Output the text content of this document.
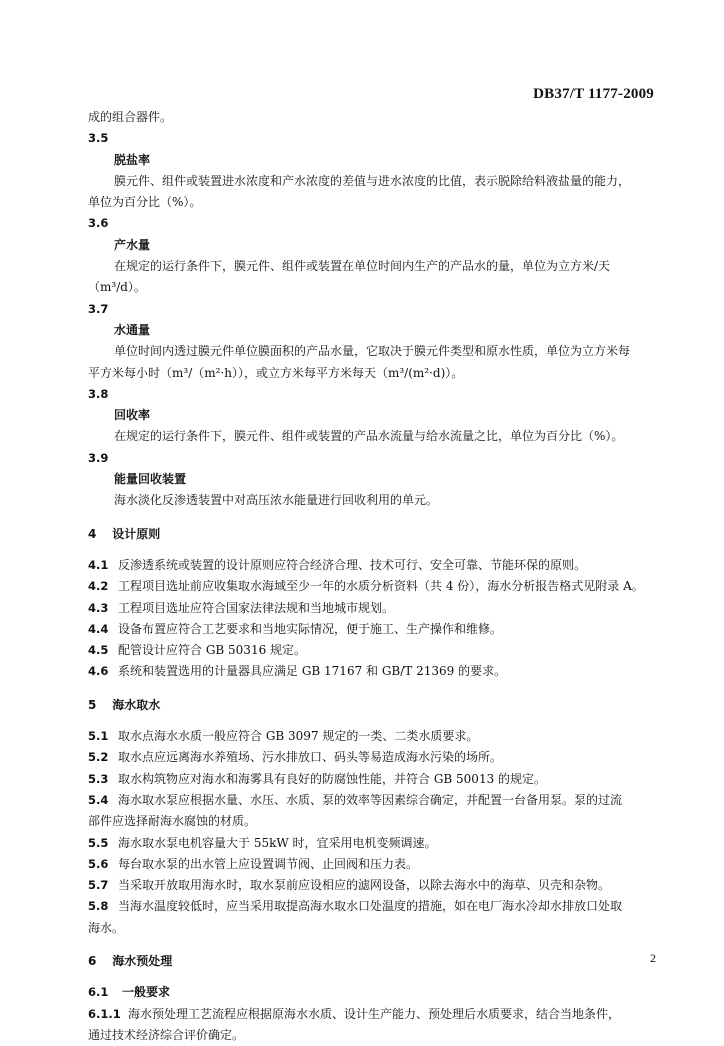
DB37/T 1177-2009
成的组合器件。
3.5
脱盐率
膜元件、组件或装置进水浓度和产水浓度的差值与进水浓度的比值，表示脱除给料液盐量的能力，
单位为百分比（%）。
3.6
产水量
在规定的运行条件下，膜元件、组件或装置在单位时间内生产的产品水的量，单位为立方米/天
（m³/d）。
3.7
水通量
单位时间内透过膜元件单位膜面积的产品水量，它取决于膜元件类型和原水性质，单位为立方米每
平方米每小时（m³/（m²·h）），或立方米每平方米每天（m³/(m²·d)）。
3.8
回收率
在规定的运行条件下，膜元件、组件或装置的产品水流量与给水流量之比，单位为百分比（%）。
3.9
能量回收装置
海水淡化反渗透装置中对高压浓水能量进行回收利用的单元。
4 设计原则
4.1 反渗透系统或装置的设计原则应符合经济合理、技术可行、安全可靠、节能环保的原则。
4.2 工程项目选址前应收集取水海域至少一年的水质分析资料（共 4 份），海水分析报告格式见附录 A。
4.3 工程项目选址应符合国家法律法规和当地城市规划。
4.4 设备布置应符合工艺要求和当地实际情况，便于施工、生产操作和维修。
4.5 配管设计应符合 GB 50316 规定。
4.6 系统和装置选用的计量器具应满足 GB 17167 和 GB/T 21369 的要求。
5 海水取水
5.1 取水点海水水质一般应符合 GB 3097 规定的一类、二类水质要求。
5.2 取水点应远离海水养殖场、污水排放口、码头等易造成海水污染的场所。
5.3 取水构筑物应对海水和海雾具有良好的防腐蚀性能，并符合 GB 50013 的规定。
5.4 海水取水泵应根据水量、水压、水质、泵的效率等因素综合确定，并配置一台备用泵。泵的过流
部件应选择耐海水腐蚀的材质。
5.5 海水取水泵电机容量大于 55kW 时，宜采用电机变频调速。
5.6 每台取水泵的出水管上应设置调节阀、止回阀和压力表。
5.7 当采取开放取用海水时，取水泵前应设相应的滤网设备，以除去海水中的海草、贝壳和杂物。
5.8 当海水温度较低时，应当采用取提高海水取水口处温度的措施，如在电厂海水冷却水排放口处取
海水。
6 海水预处理
6.1 一般要求
6.1.1 海水预处理工艺流程应根据原海水水质、设计生产能力、预处理后水质要求，结合当地条件，
通过技术经济综合评价确定。
2
